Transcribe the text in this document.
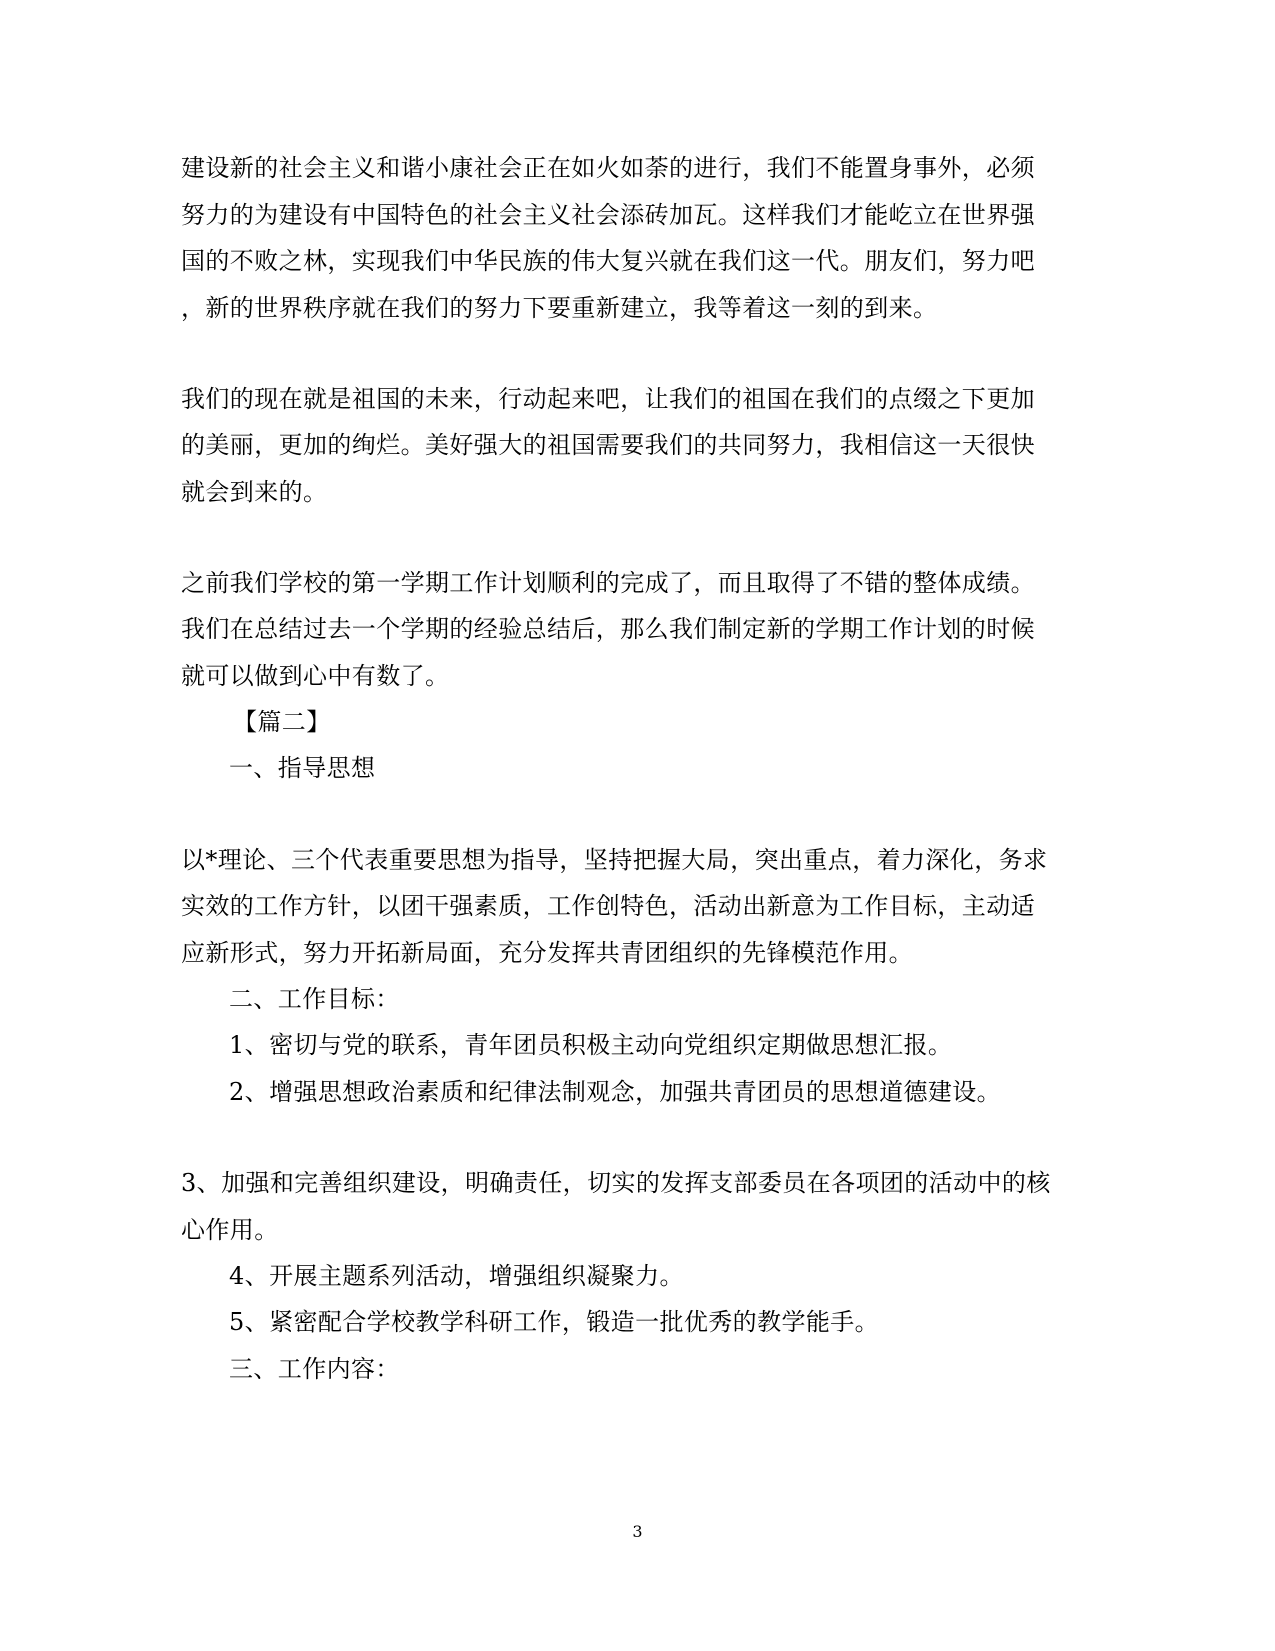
建设新的社会主义和谐小康社会正在如火如荼的进行，我们不能置身事外，必须
努力的为建设有中国特色的社会主义社会添砖加瓦。这样我们才能屹立在世界强
国的不败之林，实现我们中华民族的伟大复兴就在我们这一代。朋友们，努力吧
，新的世界秩序就在我们的努力下要重新建立，我等着这一刻的到来。
我们的现在就是祖国的未来，行动起来吧，让我们的祖国在我们的点缀之下更加
的美丽，更加的绚烂。美好强大的祖国需要我们的共同努力，我相信这一天很快
就会到来的。
之前我们学校的第一学期工作计划顺利的完成了，而且取得了不错的整体成绩。
我们在总结过去一个学期的经验总结后，那么我们制定新的学期工作计划的时候
就可以做到心中有数了。
【篇二】
一、指导思想
以*理论、三个代表重要思想为指导，坚持把握大局，突出重点，着力深化，务求
实效的工作方针，以团干强素质，工作创特色，活动出新意为工作目标，主动适
应新形式，努力开拓新局面，充分发挥共青团组织的先锋模范作用。
二、工作目标：
1、密切与党的联系，青年团员积极主动向党组织定期做思想汇报。
2、增强思想政治素质和纪律法制观念，加强共青团员的思想道德建设。
3、加强和完善组织建设，明确责任，切实的发挥支部委员在各项团的活动中的核
心作用。
4、开展主题系列活动，增强组织凝聚力。
5、紧密配合学校教学科研工作，锻造一批优秀的教学能手。
三、工作内容：
3
